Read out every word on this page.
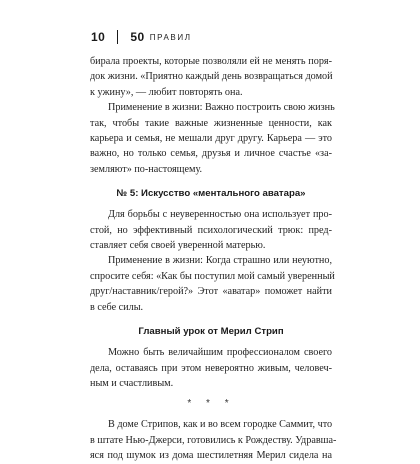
10 50 ПРАВИЛ
бирала проекты, которые позволяли ей не менять поря-
док жизни. «Приятно каждый день возвращаться домой
к ужину», — любит повторять она.
Применение в жизни: Важно построить свою жизнь
так, чтобы такие важные жизненные ценности, как
карьера и семья, не мешали друг другу. Карьера — это
важно, но только семья, друзья и личное счастье «за-
земляют» по-настоящему.
№ 5: Искусство «ментального аватара»
Для борьбы с неуверенностью она использует про-
стой, но эффективный психологический трюк: пред-
ставляет себя своей уверенной матерью.
Применение в жизни: Когда страшно или неуютно,
спросите себя: «Как бы поступил мой самый уверенный
друг/наставник/герой?» Этот «аватар» поможет найти
в себе силы.
Главный урок от Мерил Стрип
Можно быть величайшим профессионалом своего
дела, оставаясь при этом невероятно живым, человеч-
ным и счастливым.
* * *
В доме Стрипов, как и во всем городке Саммит, что
в штате Нью-Джерси, готовились к Рождеству. Удравша-
яся под шумок из дома шестилетняя Мерил сидела на
